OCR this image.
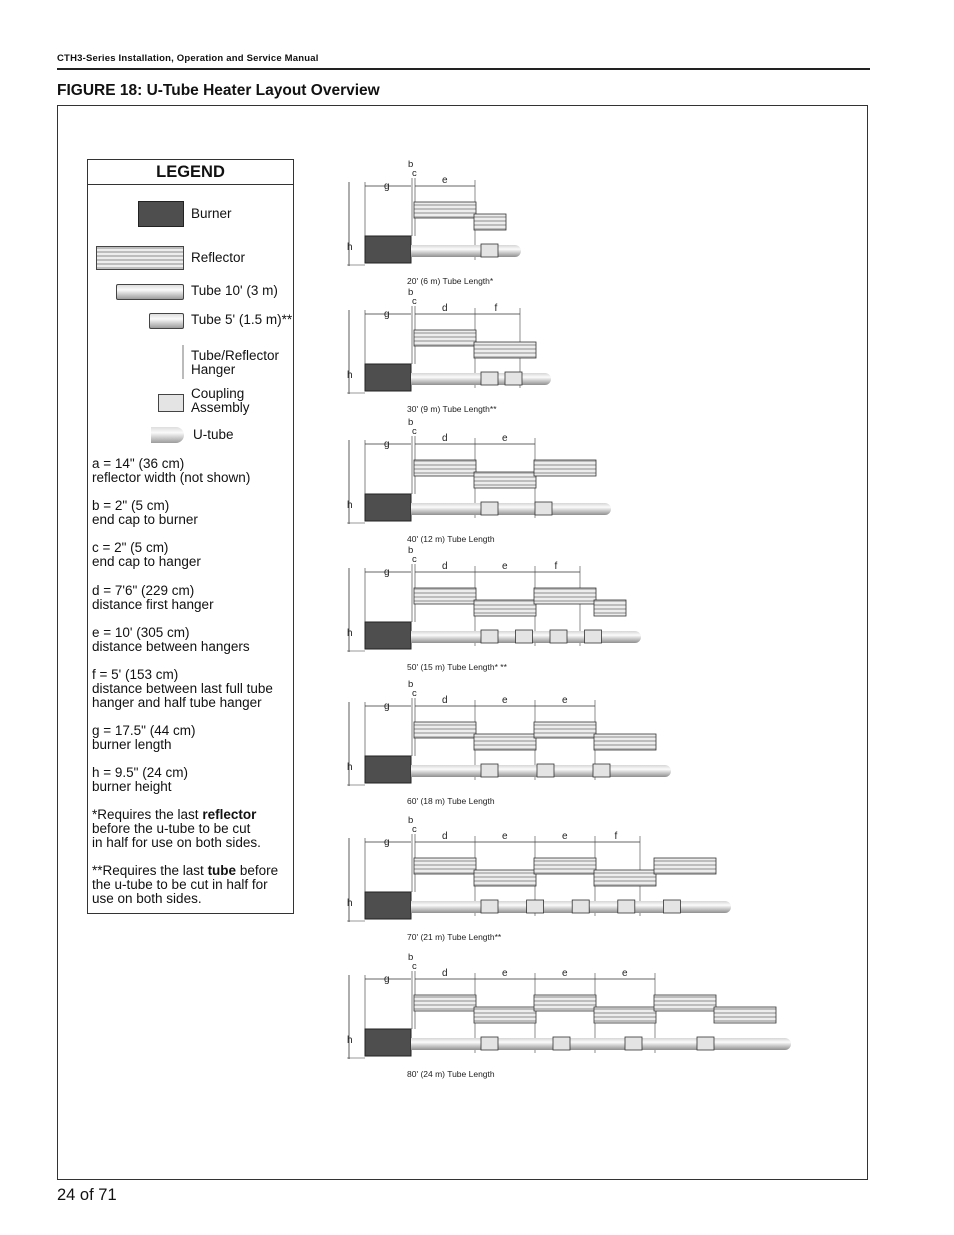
CTH3-Series Installation, Operation and Service Manual
FIGURE 18: U-Tube Heater Layout Overview
LEGEND
Burner
Reflector
Tube 10' (3 m)
Tube 5' (1.5 m)**
Tube/Reflector
Hanger
Coupling
Assembly
U-tube
a = 14" (36 cm)
reflector width (not shown)
b = 2" (5 cm)
end cap to burner
c = 2" (5 cm)
end cap to hanger
d = 7'6" (229 cm)
distance first hanger
e = 10' (305 cm)
distance between hangers
f = 5' (153 cm)
distance between last full tube
hanger and half tube hanger
g = 17.5" (44 cm)
burner length
h = 9.5" (24 cm)
burner height
*Requires the last reflector
before the u-tube to be cut
in half for use on both sides.
**Requires the last tube before
the u-tube to be cut in half for
use on both sides.
b
c
g
h
e
20' (6 m) Tube Length*
b
c
g
h
d	f
30' (9 m) Tube Length**
b
c
g
h
d	e
40' (12 m) Tube Length
b
c
g
h
d	e	f
50' (15 m) Tube Length* **
b
c
g
h
d	e	e
60' (18 m) Tube Length
b
c
g
h
d	e	e	f
70' (21 m) Tube Length**
b
c
g
h
d	e	e	e
80' (24 m) Tube Length
24 of 71
